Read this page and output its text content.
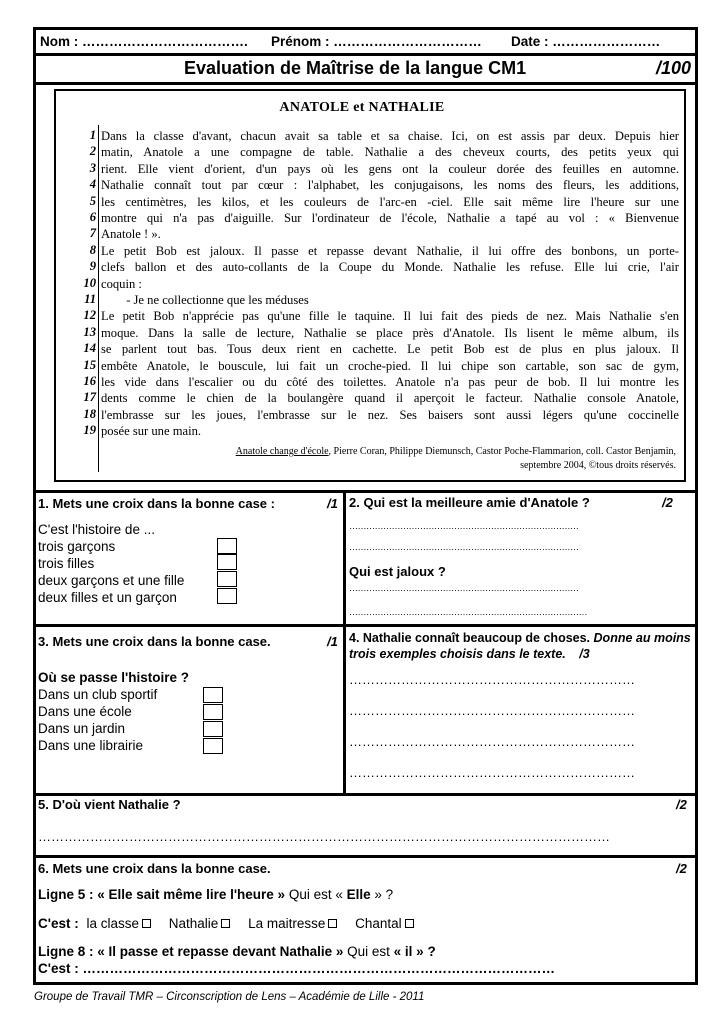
Nom : ………………………………. Prénom : …………………………… Date : ……………………
Evaluation de Maîtrise de la langue CM1	/100
ANATOLE et NATHALIE
1 Dans la classe d'avant, chacun avait sa table et sa chaise. Ici, on est assis par deux. Depuis hier
2 matin, Anatole a une compagne de table. Nathalie a des cheveux courts, des petits yeux qui
3 rient. Elle vient d'orient, d'un pays où les gens ont la couleur dorée des feuilles en automne.
4 Nathalie connaît tout par cœur : l'alphabet, les conjugaisons, les noms des fleurs, les additions,
5 les centimètres, les kilos, et les couleurs de l'arc-en -ciel. Elle sait même lire l'heure sur une
6 montre qui n'a pas d'aiguille. Sur l'ordinateur de l'école, Nathalie a tapé au vol : « Bienvenue
7 Anatole ! ».
8 Le petit Bob est jaloux. Il passe et repasse devant Nathalie, il lui offre des bonbons, un porte-
9 clefs ballon et des auto-collants de la Coupe du Monde. Nathalie les refuse. Elle lui crie, l'air
10 coquin :
11 - Je ne collectionne que les méduses
12 Le petit Bob n'apprécie pas qu'une fille le taquine. Il lui fait des pieds de nez. Mais Nathalie s'en
13 moque. Dans la salle de lecture, Nathalie se place près d'Anatole. Ils lisent le même album, ils
14 se parlent tout bas. Tous deux rient en cachette. Le petit Bob est de plus en plus jaloux. Il
15 embête Anatole, le bouscule, lui fait un croche-pied. Il lui chipe son cartable, son sac de gym,
16 les vide dans l'escalier ou du côté des toilettes. Anatole n'a pas peur de bob. Il lui montre les
17 dents comme le chien de la boulangère quand il aperçoit le facteur. Nathalie console Anatole,
18 l'embrasse sur les joues, l'embrasse sur le nez. Ses baisers sont aussi légers qu'une coccinelle
19 posée sur une main.
Anatole change d'école, Pierre Coran, Philippe Diemunsch, Castor Poche-Flammarion, coll. Castor Benjamin,
septembre 2004, ©tous droits réservés.
1. Mets une croix dans la bonne case :	/1
C'est l'histoire de ...
trois garçons
trois filles
deux garçons et une fille
deux filles et un garçon
2. Qui est la meilleure amie d'Anatole ?	/2
………………………………………………………………………
………………………………………………………………………
Qui est jaloux ?
………………………………………………………………………
…………………………………………………………………………
3. Mets une croix dans la bonne case.	/1
Où se passe l'histoire ?
Dans un club sportif
Dans une école
Dans un jardin
Dans une librairie
4. Nathalie connaît beaucoup de choses. Donne au moins trois exemples choisis dans le texte. /3
…………………………………………………………
…………………………………………………………
…………………………………………………………
…………………………………………………………
5. D'où vient Nathalie ?	/2
……………………………………………………………………………………………………………………
6. Mets une croix dans la bonne case.	/2
Ligne 5 : « Elle sait même lire l'heure » Qui est « Elle » ?
C'est : la classe Nathalie La maitresse Chantal
Ligne 8 : « Il passe et repasse devant Nathalie » Qui est « il » ?
C'est : ……………………………………………………………………………………………
Groupe de Travail TMR – Circonscription de Lens – Académie de Lille - 2011
